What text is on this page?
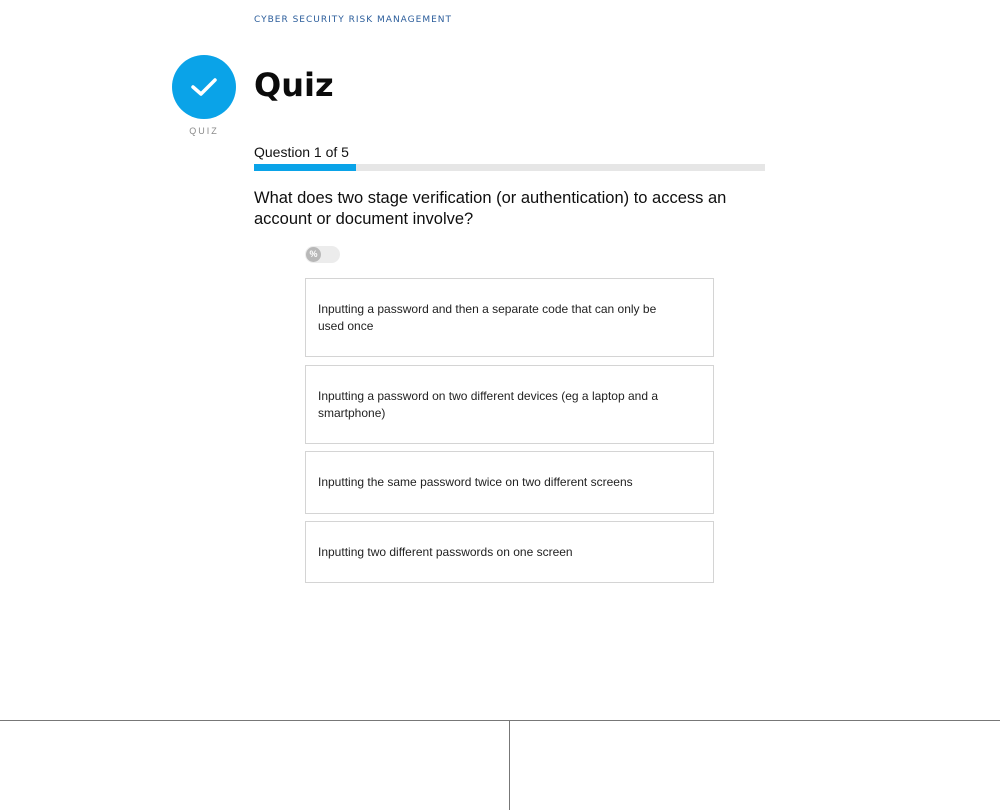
CYBER SECURITY RISK MANAGEMENT
QUIZ
Quiz
Question 1 of 5
What does two stage verification (or authentication) to access an account or document involve?
%
Inputting a password and then a separate code that can only be used once
Inputting a password on two different devices (eg a laptop and a smartphone)
Inputting the same password twice on two different screens
Inputting two different passwords on one screen
